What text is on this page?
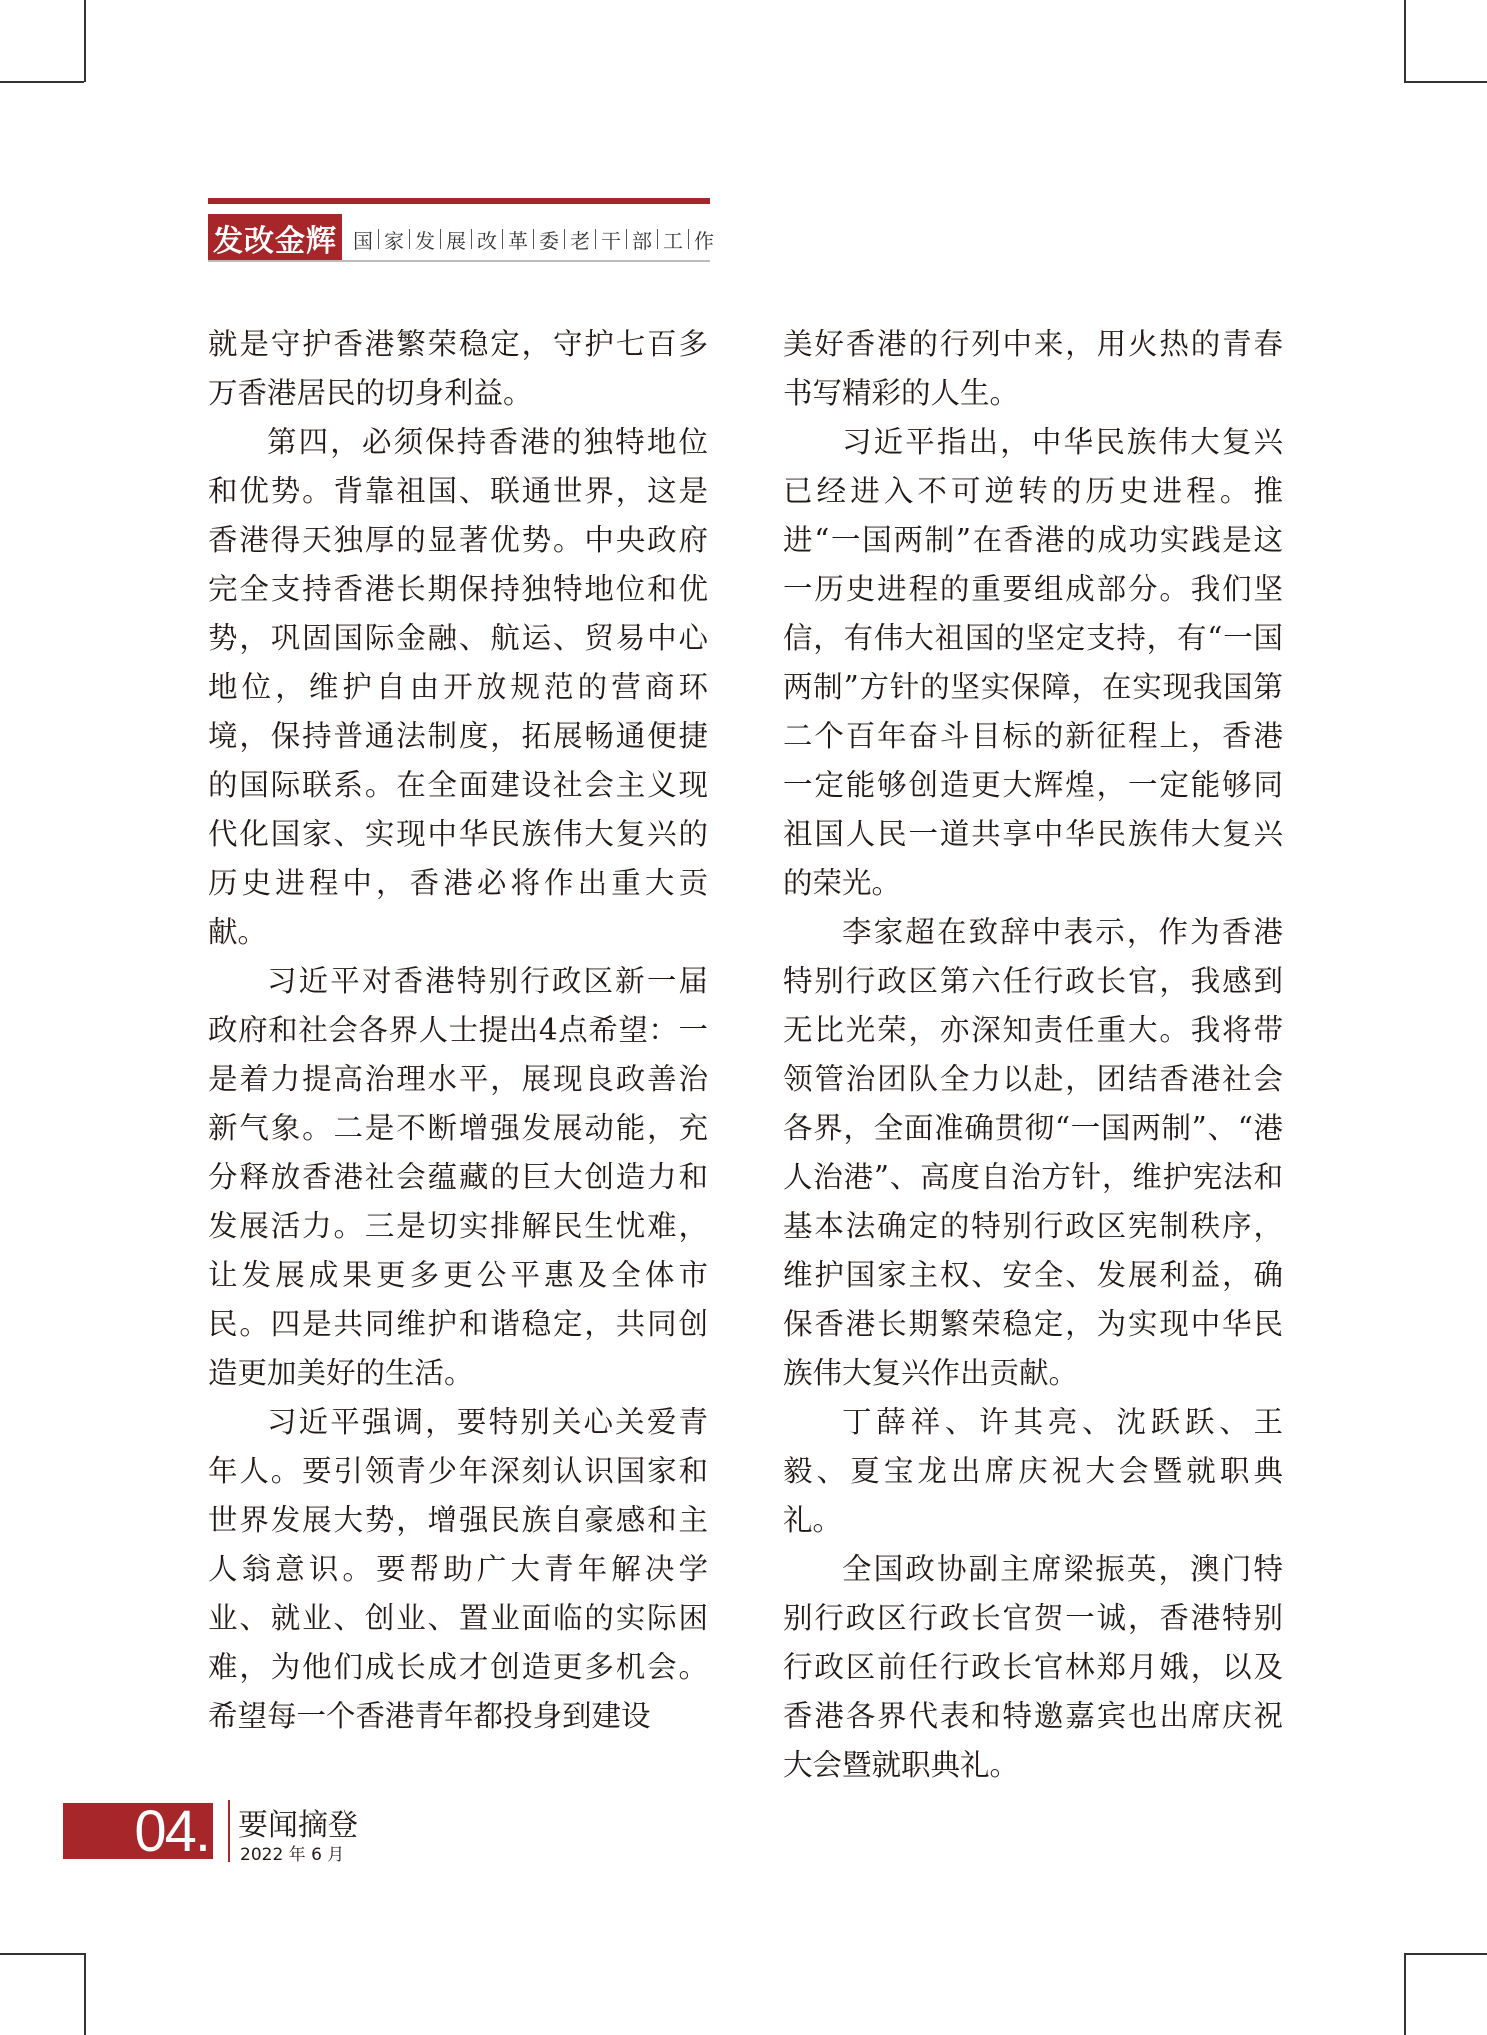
发改金辉 国 家 发 展 改 革 委 老 干 部 工 作

就是守护香港繁荣稳定，守护七百多万香港居民的切身利益。

第四，必须保持香港的独特地位和优势。背靠祖国、联通世界，这是香港得天独厚的显著优势。中央政府完全支持香港长期保持独特地位和优势，巩固国际金融、航运、贸易中心地位，维护自由开放规范的营商环境，保持普通法制度，拓展畅通便捷的国际联系。在全面建设社会主义现代化国家、实现中华民族伟大复兴的历史进程中，香港必将作出重大贡献。

习近平对香港特别行政区新一届政府和社会各界人士提出4点希望：一是着力提高治理水平，展现良政善治新气象。二是不断增强发展动能，充分释放香港社会蕴藏的巨大创造力和发展活力。三是切实排解民生忧难，让发展成果更多更公平惠及全体市民。四是共同维护和谐稳定，共同创造更加美好的生活。

习近平强调，要特别关心关爱青年人。要引领青少年深刻认识国家和世界发展大势，增强民族自豪感和主人翁意识。要帮助广大青年解决学业、就业、创业、置业面临的实际困难，为他们成长成才创造更多机会。希望每一个香港青年都投身到建设

美好香港的行列中来，用火热的青春书写精彩的人生。

习近平指出，中华民族伟大复兴已经进入不可逆转的历史进程。推进“一国两制”在香港的成功实践是这一历史进程的重要组成部分。我们坚信，有伟大祖国的坚定支持，有“一国两制”方针的坚实保障，在实现我国第二个百年奋斗目标的新征程上，香港一定能够创造更大辉煌，一定能够同祖国人民一道共享中华民族伟大复兴的荣光。

李家超在致辞中表示，作为香港特别行政区第六任行政长官，我感到无比光荣，亦深知责任重大。我将带领管治团队全力以赴，团结香港社会各界，全面准确贯彻“一国两制”、“港人治港”、高度自治方针，维护宪法和基本法确定的特别行政区宪制秩序，维护国家主权、安全、发展利益，确保香港长期繁荣稳定，为实现中华民族伟大复兴作出贡献。

丁薛祥、许其亮、沈跃跃、王毅、夏宝龙出席庆祝大会暨就职典礼。

全国政协副主席梁振英，澳门特别行政区行政长官贺一诚，香港特别行政区前任行政长官林郑月娥，以及香港各界代表和特邀嘉宾也出席庆祝大会暨就职典礼。

04. 要闻摘登
2022 年 6 月
